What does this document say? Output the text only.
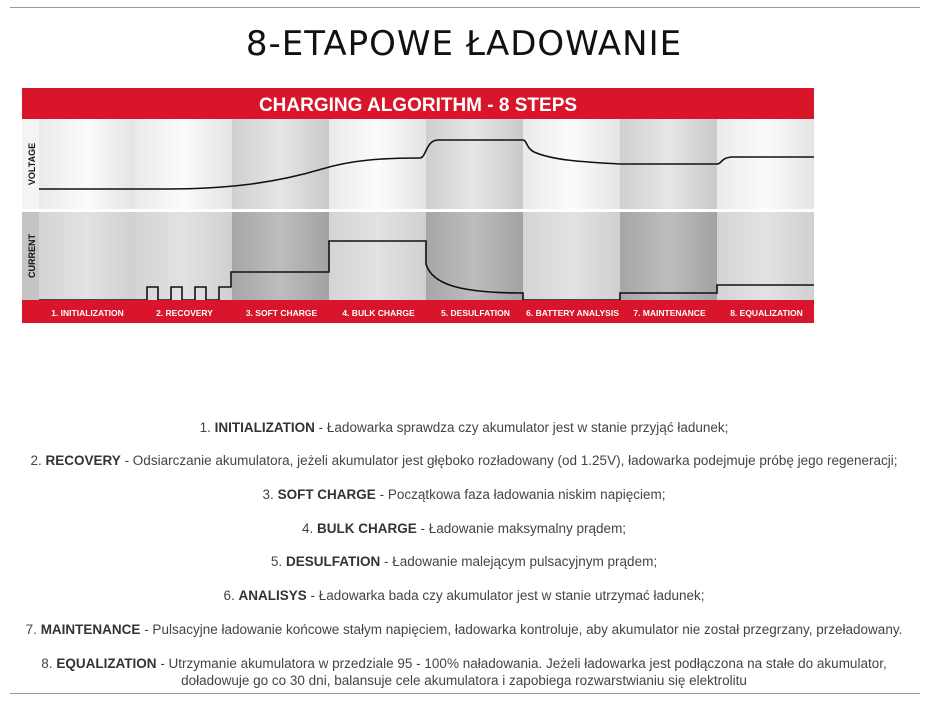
8-ETAPOWE ŁADOWANIE
CHARGING ALGORITHM - 8 STEPS
VOLTAGE
CURRENT
1. INITIALIZATION	2. RECOVERY	3. SOFT CHARGE	4. BULK CHARGE	5. DESULFATION 6. BATTERY ANALYSIS 7. MAINTENANCE	8. EQUALIZATION
1. INITIALIZATION - Ładowarka sprawdza czy akumulator jest w stanie przyjąć ładunek;
2. RECOVERY - Odsiarczanie akumulatora, jeżeli akumulator jest głęboko rozładowany (od 1.25V), ładowarka podejmuje próbę jego regeneracji;
3. SOFT CHARGE - Początkowa faza ładowania niskim napięciem;
4. BULK CHARGE - Ładowanie maksymalny prądem;
5. DESULFATION - Ładowanie malejącym pulsacyjnym prądem;
6. ANALISYS - Ładowarka bada czy akumulator jest w stanie utrzymać ładunek;
7. MAINTENANCE - Pulsacyjne ładowanie końcowe stałym napięciem, ładowarka kontroluje, aby akumulator nie został przegrzany, przeładowany.
8. EQUALIZATION - Utrzymanie akumulatora w przedziale 95 - 100% naładowania. Jeżeli ładowarka jest podłączona na stałe do akumulator,
doładowuje go co 30 dni, balansuje cele akumulatora i zapobiega rozwarstwianiu się elektrolitu
